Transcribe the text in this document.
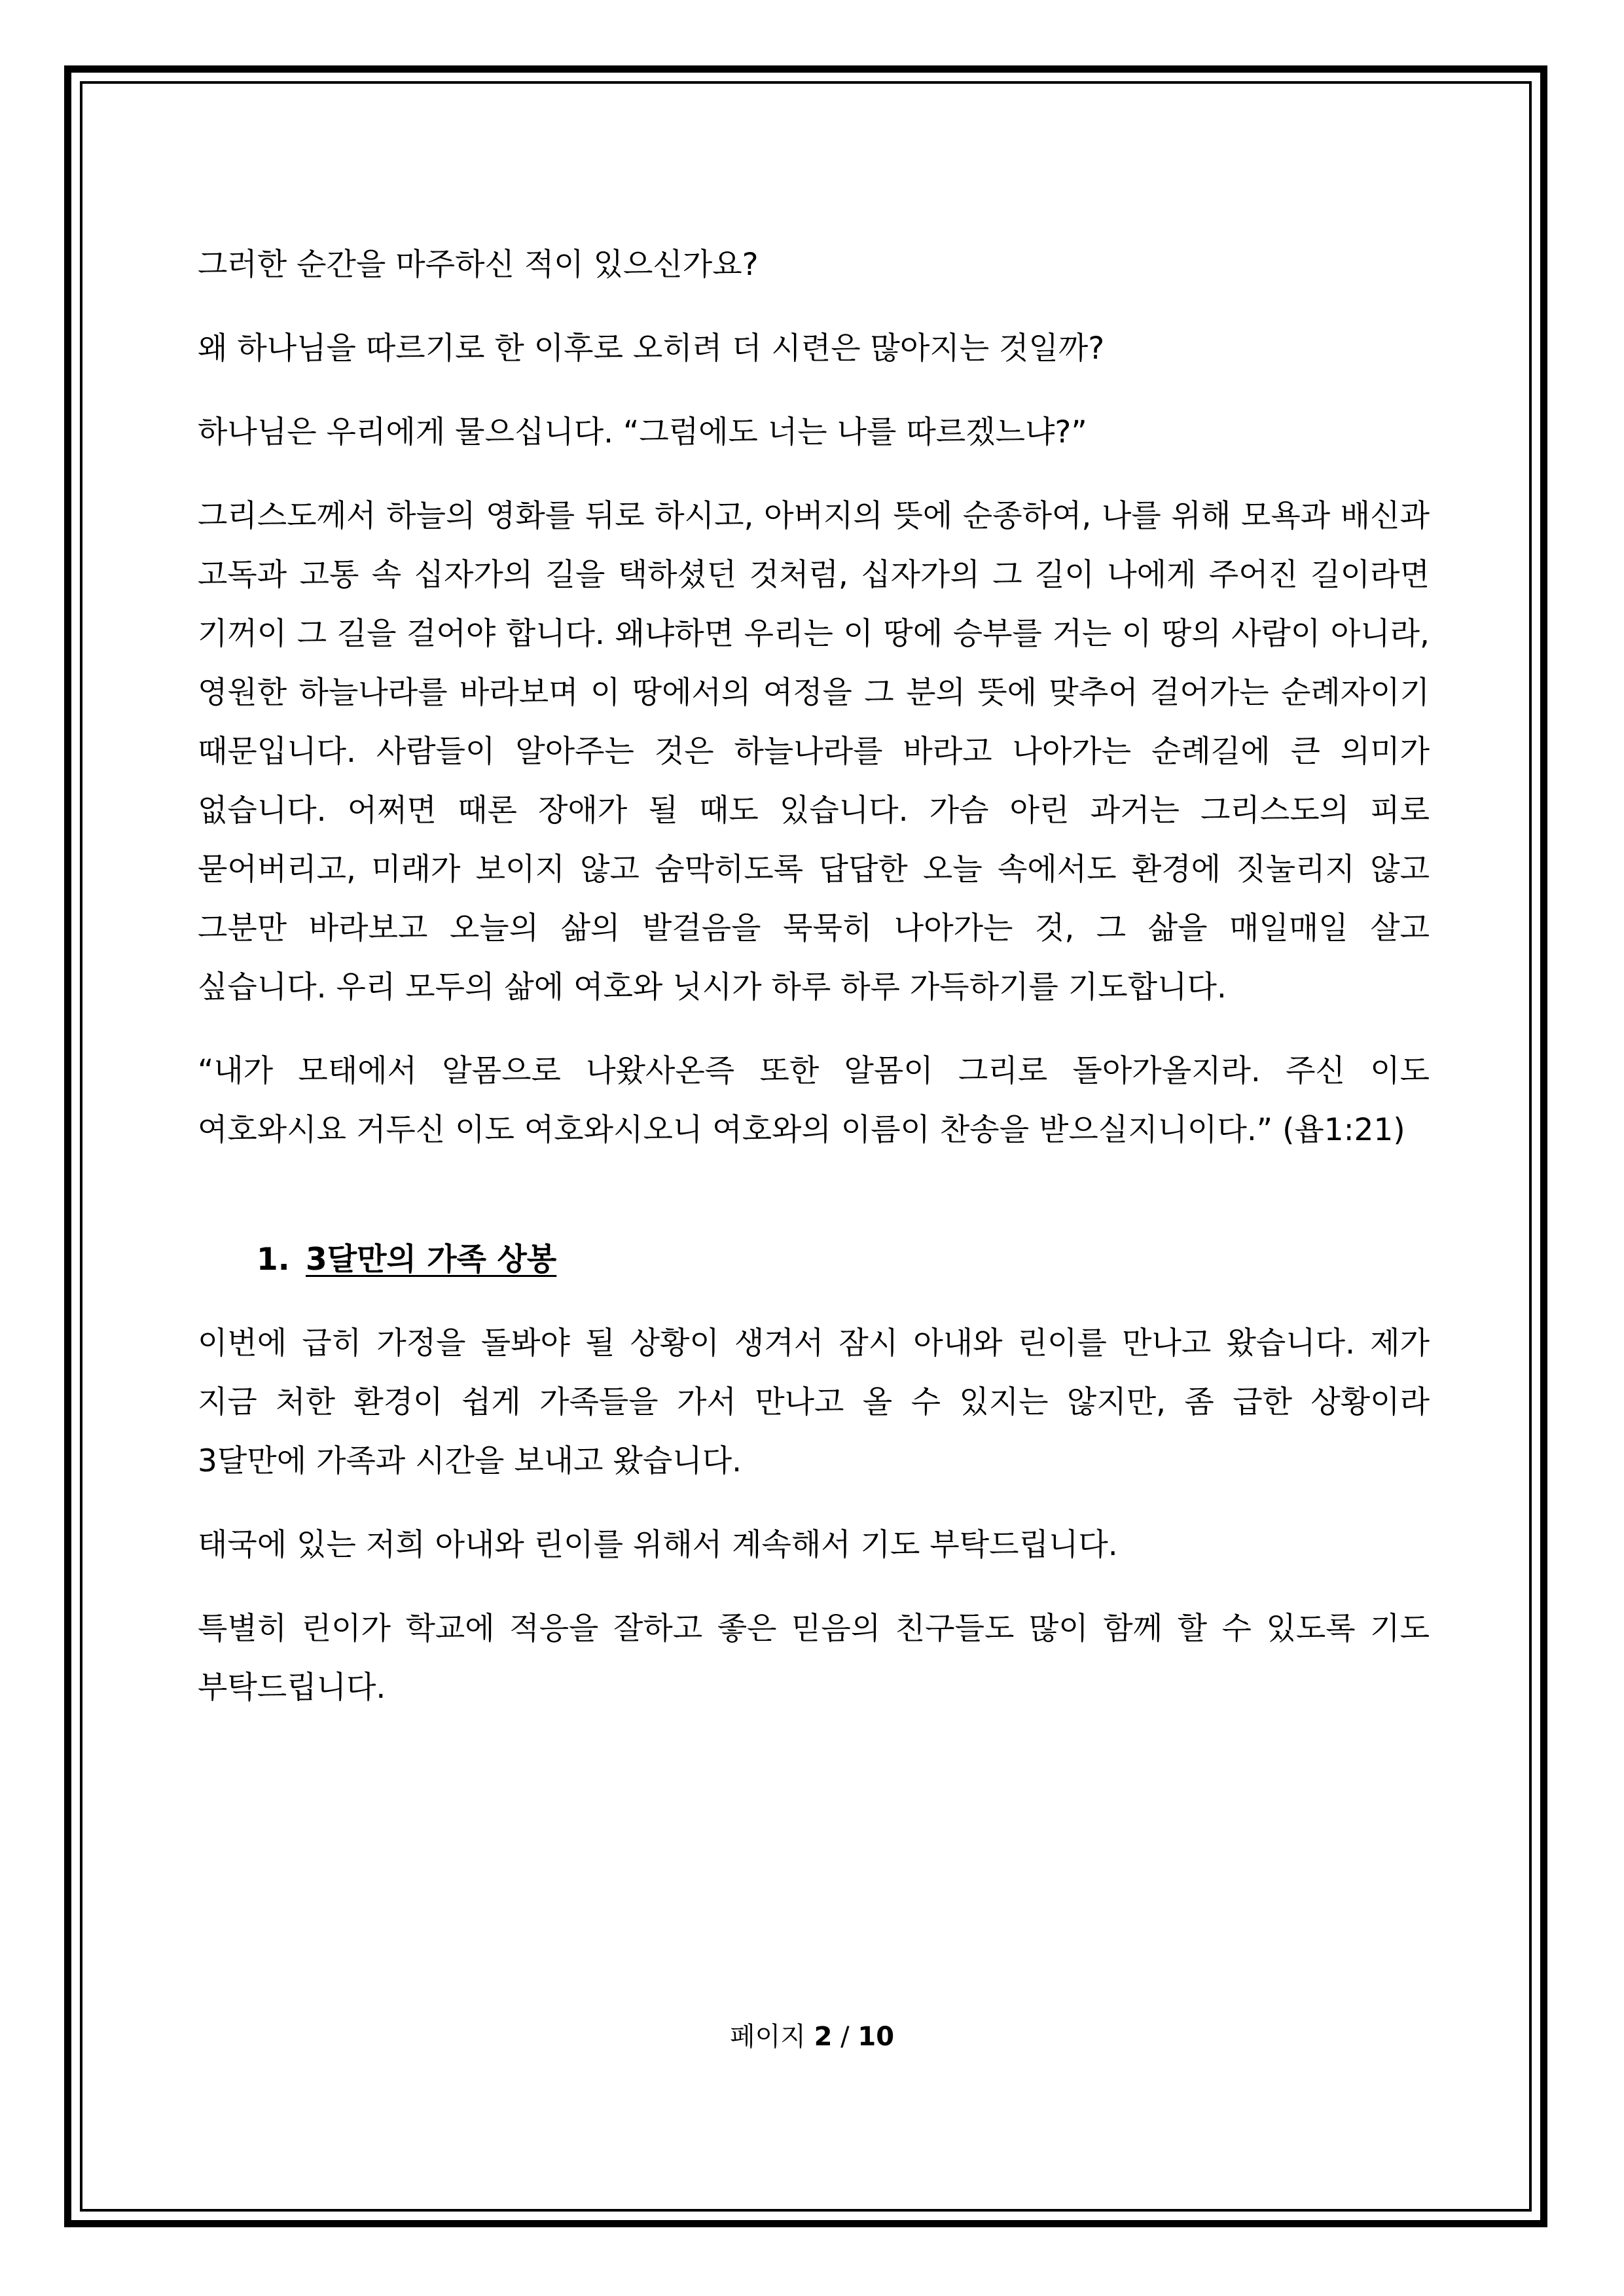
그러한 순간을 마주하신 적이 있으신가요?

왜 하나님을 따르기로 한 이후로 오히려 더 시련은 많아지는 것일까?

하나님은 우리에게 물으십니다. “그럼에도 너는 나를 따르겠느냐?”

그리스도께서 하늘의 영화를 뒤로 하시고, 아버지의 뜻에 순종하여, 나를 위해 모욕과 배신과 고독과 고통 속 십자가의 길을 택하셨던 것처럼, 십자가의 그 길이 나에게 주어진 길이라면 기꺼이 그 길을 걸어야 합니다. 왜냐하면 우리는 이 땅에 승부를 거는 이 땅의 사람이 아니라, 영원한 하늘나라를 바라보며 이 땅에서의 여정을 그 분의 뜻에 맞추어 걸어가는 순례자이기 때문입니다. 사람들이 알아주는 것은 하늘나라를 바라고 나아가는 순례길에 큰 의미가 없습니다. 어쩌면 때론 장애가 될 때도 있습니다. 가슴 아린 과거는 그리스도의 피로 묻어버리고, 미래가 보이지 않고 숨막히도록 답답한 오늘 속에서도 환경에 짓눌리지 않고 그분만 바라보고 오늘의 삶의 발걸음을 묵묵히 나아가는 것, 그 삶을 매일매일 살고 싶습니다. 우리 모두의 삶에 여호와 닛시가 하루 하루 가득하기를 기도합니다.

“내가 모태에서 알몸으로 나왔사온즉 또한 알몸이 그리로 돌아가올지라. 주신 이도 여호와시요 거두신 이도 여호와시오니 여호와의 이름이 찬송을 받으실지니이다.” (욥1:21)

1. 3달만의 가족 상봉

이번에 급히 가정을 돌봐야 될 상황이 생겨서 잠시 아내와 린이를 만나고 왔습니다. 제가 지금 처한 환경이 쉽게 가족들을 가서 만나고 올 수 있지는 않지만, 좀 급한 상황이라 3달만에 가족과 시간을 보내고 왔습니다.

태국에 있는 저희 아내와 린이를 위해서 계속해서 기도 부탁드립니다.

특별히 린이가 학교에 적응을 잘하고 좋은 믿음의 친구들도 많이 함께 할 수 있도록 기도 부탁드립니다.

페이지 2 / 10
